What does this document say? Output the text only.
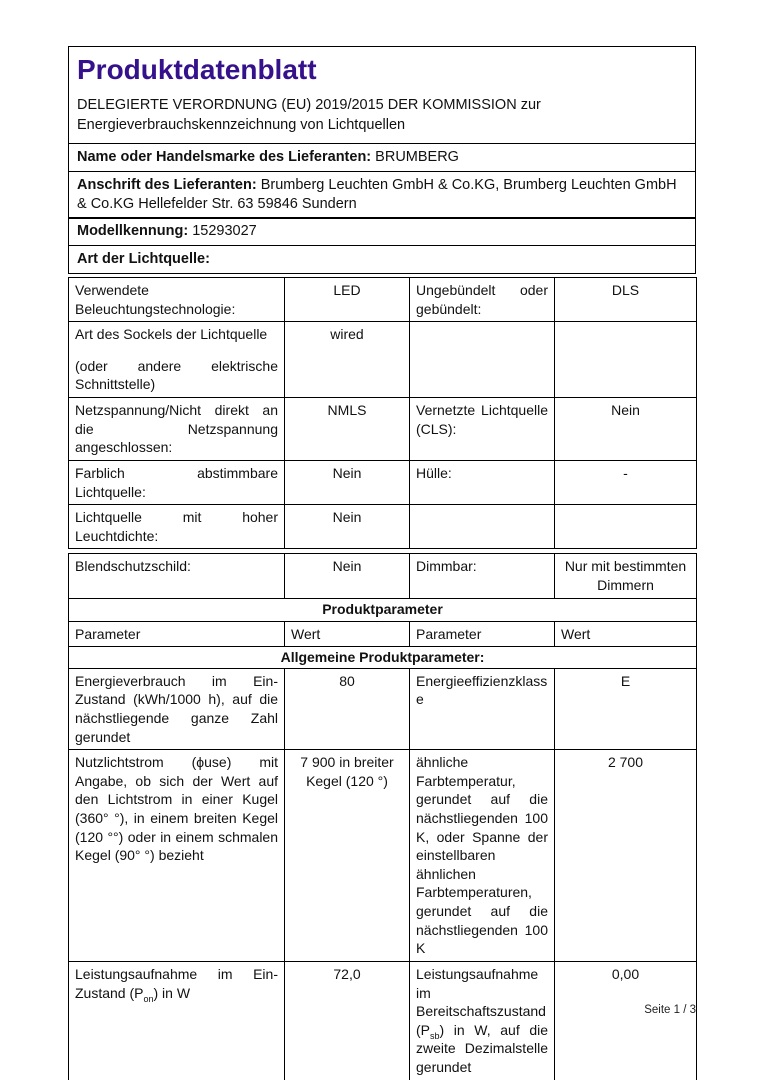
Produktdatenblatt

DELEGIERTE VERORDNUNG (EU) 2019/2015 DER KOMMISSION zur

Energieverbrauchskennzeichnung von Lichtquellen

Name oder Handelsmarke des Lieferanten: BRUMBERG
Anschrift des Lieferanten: Brumberg Leuchten GmbH & Co.KG, Brumberg Leuchten GmbH & Co.KG Hellefelder Str. 63 59846 Sundern
Modellkennung: 15293027
Art der Lichtquelle:
Verwendete Beleuchtungstechnologie:	LED	Ungebündelt oder gebündelt:	DLS

Art des Sockels der Lichtquelle
(oder andere elektrische Schnittstelle)	wired		
Netzspannung/Nicht direkt an die Netzspannung angeschlossen:	NMLS	Vernetzte Lichtquelle (CLS):	Nein
Farblich abstimmbare Lichtquelle:	Nein	Hülle:	-
Lichtquelle mit hoher Leuchtdichte:	Nein		
Blendschutzschild:	Nein	Dimmbar:	Nur mit bestimmten Dimmern
Produktparameter			
Parameter	Wert	Parameter	Wert
Allgemeine Produktparameter:			
Energieverbrauch im Ein-Zustand (kWh/1000 h), auf die nächstliegende ganze Zahl gerundet	80	Energieeffizienzklasse	E
Nutzlichtstrom (ϕuse) mit Angabe, ob sich der Wert auf den Lichtstrom in einer Kugel (360° °), in einem breiten Kegel (120 °°) oder in einem schmalen Kegel (90° °) bezieht	7 900 in breiter Kegel (120 °)	ähnliche Farbtemperatur, gerundet auf die nächstliegenden 100 K, oder Spanne der einstellbaren ähnlichen Farbtemperaturen, gerundet auf die nächstliegenden 100 K	2 700
Leistungsaufnahme im Ein-Zustand $(P_{on})$ in W	72,0	Leistungsaufnahme im Bereitschaftszustand $(P_{sb})$ in W, auf die zweite Dezimalstelle gerundet	0,00
Seite 1 / 3
